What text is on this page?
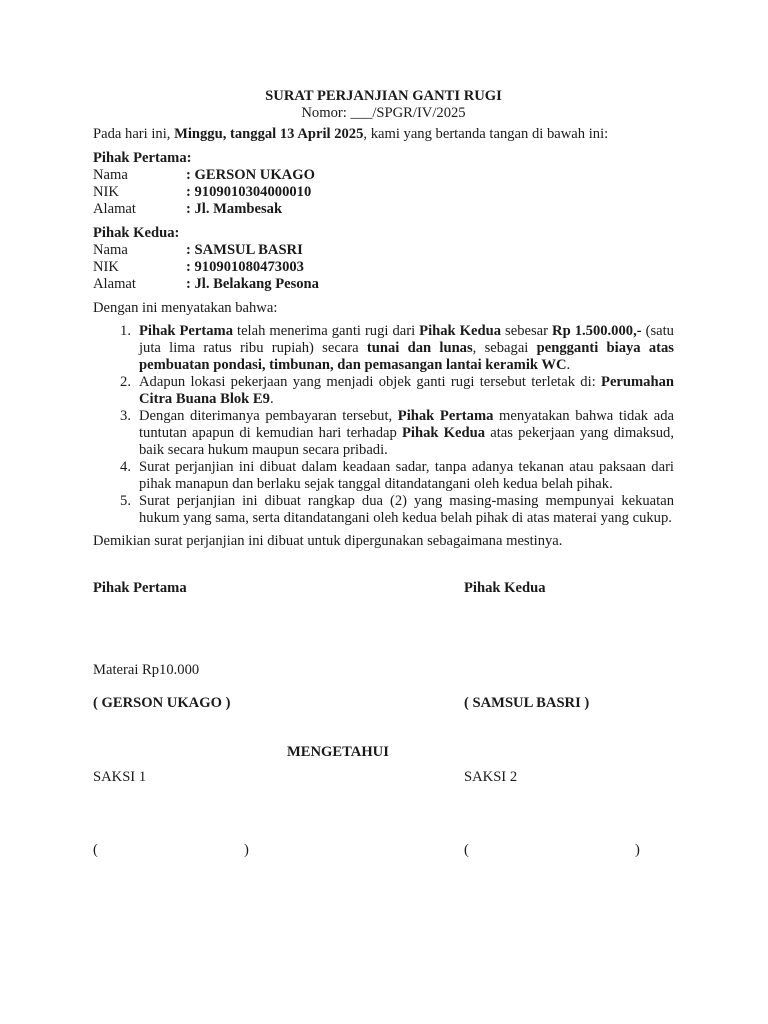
SURAT PERJANJIAN GANTI RUGI
Nomor: ___/SPGR/IV/2025

Pada hari ini, Minggu, tanggal 13 April 2025, kami yang bertanda tangan di bawah ini:

Pihak Pertama:
Nama	: GERSON UKAGO
NIK	: 9109010304000010
Alamat	: Jl. Mambesak
Pihak Kedua:
Nama	: SAMSUL BASRI
NIK	: 910901080473003
Alamat	: Jl. Belakang Pesona

Dengan ini menyatakan bahwa:

1. Pihak Pertama telah menerima ganti rugi dari Pihak Kedua sebesar Rp 1.500.000,- (satu juta lima ratus ribu rupiah) secara tunai dan lunas, sebagai pengganti biaya atas pembuatan pondasi, timbunan, dan pemasangan lantai keramik WC.
2. Adapun lokasi pekerjaan yang menjadi objek ganti rugi tersebut terletak di: Perumahan Citra Buana Blok E9.
3. Dengan diterimanya pembayaran tersebut, Pihak Pertama menyatakan bahwa tidak ada tuntutan apapun di kemudian hari terhadap Pihak Kedua atas pekerjaan yang dimaksud, baik secara hukum maupun secara pribadi.
4. Surat perjanjian ini dibuat dalam keadaan sadar, tanpa adanya tekanan atau paksaan dari pihak manapun dan berlaku sejak tanggal ditandatangani oleh kedua belah pihak.
5. Surat perjanjian ini dibuat rangkap dua (2) yang masing-masing mempunyai kekuatan hukum yang sama, serta ditandatangani oleh kedua belah pihak di atas materai yang cukup.

Demikian surat perjanjian ini dibuat untuk dipergunakan sebagaimana mestinya.

Pihak Pertama	Pihak Kedua
Materai Rp10.000
( GERSON UKAGO )	( SAMSUL BASRI )
MENGETAHUI
SAKSI 1	SAKSI 2
(	)	(	)
